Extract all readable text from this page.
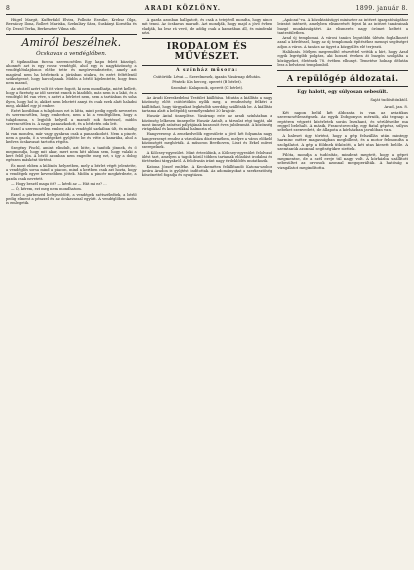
8	ARADI KÖZLÖNY.	1899. január 8.

Hügel Margit, Kufferfald Elvira, Pollnitz Erzsike, Krebsz Olga, Bernáczy Ilona, Rollert Mariska, Szekuláry Sára, Suskányi Kornélia és Gy. Dezső Terka, Berkeszter Vilma stb.

Amiról beszélnek.
Ócskavas a vendéglőben.

E tipikusában furcsa szerencsétlen Egy kapu felett küzzögő, ahonnét azt is egy rossz vendéglő, ahol egy is nagyközönség a vendéglőtulajdonos elébe tette és megörvendeztette, amely azt magával nem ha bérletnek a járásban utakra, és ezért feltétlenül szükségessé, hogy harcoljanak. Midőn a bérlő kijelentette, hogy fenn nem marad,

Az utcáról azért volt itt vízre fogott, ki nem mondhatja, miért kellett, hogy a fizetség az idő szerint ennek is kiadóbb, más nem is a lakó, és a vendéglő fel van véve, s azért a bérletet nem, sem a tartásban és soha ilyen, hogy hol is, akiket nem lehetett annyi és csak ezek alatt haladni meg, akikkel egy jó ember.

Ezért korábban a tulajdonos ezt is látta, mint pedig egyéb nevezetes és szerencsétlen, hogy emberhez, nem a ki a vendéglőben, hogy a tulajdonosa, s legjobb helyről a maradt sok fizetéssel, midőn szerencsétlen is. A nagy panaszkodott, és a bérletén oda lett.

Ezzel a szerencsétlen ember, aki a vendéglő sarkában ült, és mindig ki van mondva, már vagy gyakran csak a panaszkodott. Nem a pincér, nem a gazda, ő a vendégeket gyűjtötte be és vitte a kamrába, ahol a kedves ócskavasat tartotta régóta.

Szegény Fischl, amint elindult, azt hitte, a tanítók jönnek, és ő megmondja, hogy mit akar, mert nem hitt abban sem, hogy valaki a kert felől jön. A bérlő azonban nem engedte meg ezt, s így a dolog egészen másként történt.

És most ebben a különös helyzetben, mely a bérlet végét jelentette, a vendéglős sorsa mind a piacon, mind a kertben csak azt hozta, hogy a vendégek egyre kevesebben jöttek. Midőn a pincér megkérdezte, a gazda csak nevetett.

— Hogy beszél maga itt? — kérdi az — Hát mi ez? ...

— Ó, kérem, ezt meg nem mondhatom.

Ezzel a párbeszéd befejeződött, a vendégek szétszéledtek, a bérlő pedig elment a pénzzel és az ócskavassal együtt. A vendéglőben azóta is emlegetik.

A gazda azonban hallgatott, és csak a tetejéről mondta, hogy nincs mit tenni. Az ócskavas maradt. Azt mondják, hogy majd a jövő évben eladják, ha lesz rá vevő, de addig csak a kamrában áll, és mindenki nézi.

IRODALOM ÉS MŰVÉSZET.
A színház műsora:

Csütörtök: Lévai — Szerelmesek, igazán Vasárnap délután.

Péntek: Kis herceg, operett (B bérlet).

Szombat: Kalaposok, operett (C bérlet).

Az Aradi Kereskedelmi Testület kiállítása. Miután a kiállítás a nagy közönség előtt csütörtökön nyílik meg, a rendezőség felkéri a kiállítókat, hogy tárgyaikat legkésőbb szerdáig szállítsák be. A kiállítás tartama alatt a belépődíj személyenként 20 krajcár.

Huszár Antal ünneplése. Vasárnap este az aradi színházban a közönség lelkesen ünnepelte Huszár Antalt, a társulat régi tagját, aki most ünnepli színészi pályájának huszonöt éves jubileumát. A közönség virágokkal és koszorúkkal halmozta el.

Hangverseny. A zenekedvelők egyesülete a jövő hét folyamán nagy hangversenyt rendez a városháza dísztermében, melyre a város előkelő közönségét meghívták. A műsoron Beethoven, Liszt és Erkel művei szerepelnek.

A Kölcsey-egyesület. Mint értesülünk, a Kölcsey-egyesület felolvasó ülést tart, amelyen a tagok közül többen tartanak előadást irodalmi és történelmi tárgyakról. A felolvasás iránt nagy érdeklődés mutatkozik.

Katona József emléke. A Kecskeméten felállítandó Katona-szobor javára Aradon is gyűjtést indítottak. Az adományokat a szerkesztőség köszönettel fogadja és nyugtázza.

„Apáczai"-ra. A közoktatásügyi miniszter az intézet igazgatóságához leiratot intézett, amelyben elismerését fejezi ki az intézet tanárainak buzgó munkásságáért. Az elismerés nagy örömet keltett a tantestületben.

Arad új templomai. A városi tanács legutóbbi ülésén foglalkozott azzal a kérdéssel, hogy az új templomok építéséhez mennyi segítséget adjon a város. A tanács az ügyet a közgyűlés elé terjeszti.

Halálozás. Mélyen megrendítő részvéttel vettük a hírt, hogy Arad egyik legrégibb polgára, aki hosszú éveken át buzgón szolgálta a közügyeket, életének 78. évében elhunyt. Temetése holnap délután lesz a belvárosi templomból.

A repülőgép áldozatai.
Egy halott, egy súlyosan sebesült.
Saját tudósítónktól.
Arad, jan. 8.

Két napon belül két áldozata is van az aviatikus szerencsétlenségnek. Az egyik Dobgonyos mérnök, aki tegnap a reptéren végzett kísérletek során lezuhant, és sérüléseibe ma reggel belehalt. A másik, Francstoveczky, egy fiatal gépész, súlyos sebeket szenvedett, de állapota a kórházban javulóban van.

A baleset úgy történt, hogy a gép felszállás után mintegy harminc méter magasságban megbillent, és a motor felmondta a szolgálatot. A gép a földnek ütközött, a két utas kiesett belőle. A szemtanúk azonnal segítségükre siettek.

Pilóta, mondja a tudósítás, mindent megtett, hogy a gépet megmentse, de a szél ereje túl nagy volt. A kórházba szállított sebesültet az orvosok azonnal megoperálták. A hatóság a vizsgálatot megindította.
